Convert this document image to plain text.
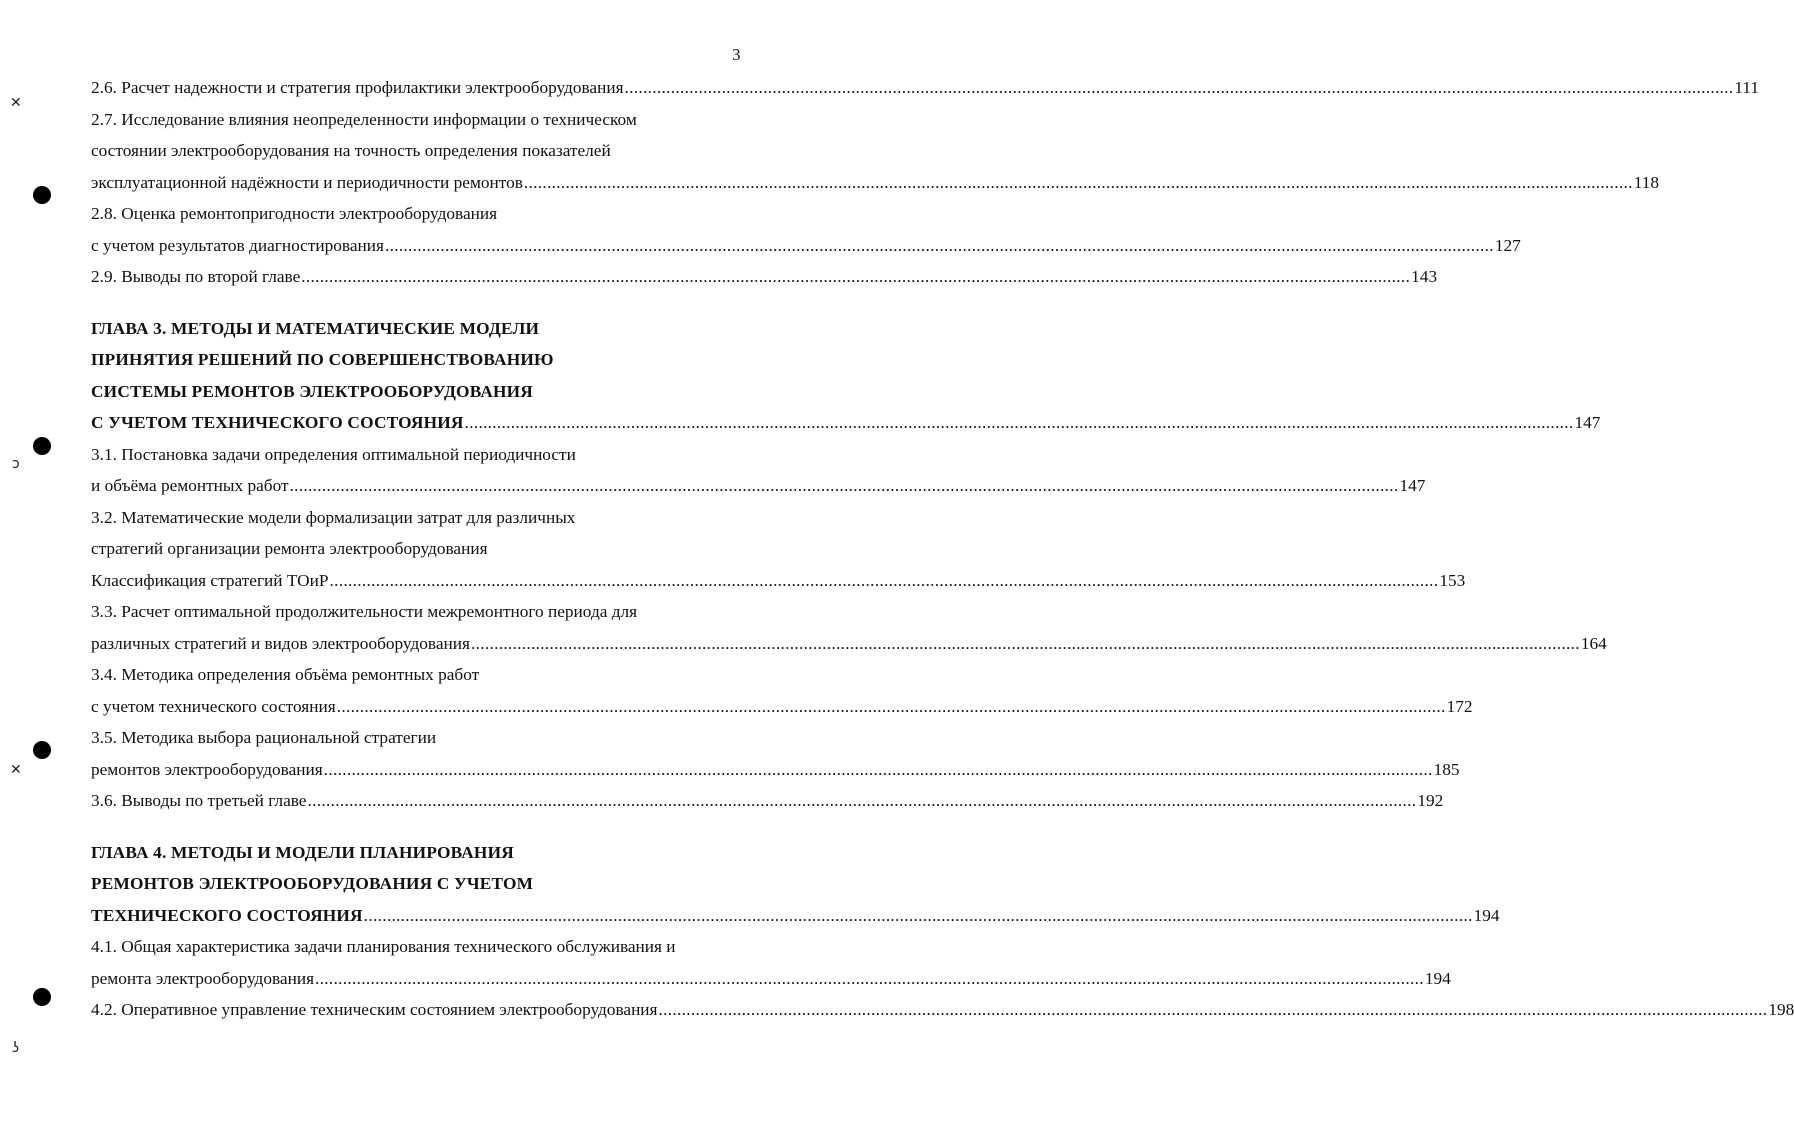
3
✕
ↄ
✕
ʖ
2.6. Расчет надежности и стратегия профилактики электрооборудования ................................................................................................................................................................................................................................................ 111
2.7. Исследование влияния неопределенности информации о техническом
состоянии электрооборудования на точность определения показателей
эксплуатационной надёжности и периодичности ремонтов ................................................................................................................................................................................................................................................ 118
2.8. Оценка ремонтопригодности электрооборудования
с учетом результатов диагностирования ................................................................................................................................................................................................................................................ 127
2.9. Выводы по второй главе ................................................................................................................................................................................................................................................ 143
ГЛАВА 3. МЕТОДЫ И МАТЕМАТИЧЕСКИЕ МОДЕЛИ
ПРИНЯТИЯ РЕШЕНИЙ ПО СОВЕРШЕНСТВОВАНИЮ
СИСТЕМЫ РЕМОНТОВ ЭЛЕКТРООБОРУДОВАНИЯ
С УЧЕТОМ ТЕХНИЧЕСКОГО СОСТОЯНИЯ ................................................................................................................................................................................................................................................ 147
3.1. Постановка задачи определения оптимальной периодичности
и объёма ремонтных работ ................................................................................................................................................................................................................................................ 147
3.2. Математические модели формализации затрат для различных
стратегий организации ремонта электрооборудования
Классификация стратегий ТОиР ................................................................................................................................................................................................................................................ 153
3.3. Расчет оптимальной продолжительности межремонтного периода для
различных стратегий и видов электрооборудования ................................................................................................................................................................................................................................................ 164
3.4. Методика определения объёма ремонтных работ
с учетом технического состояния ................................................................................................................................................................................................................................................ 172
3.5. Методика выбора рациональной стратегии
ремонтов электрооборудования ................................................................................................................................................................................................................................................ 185
3.6. Выводы по третьей главе ................................................................................................................................................................................................................................................ 192
ГЛАВА 4. МЕТОДЫ И МОДЕЛИ ПЛАНИРОВАНИЯ
РЕМОНТОВ ЭЛЕКТРООБОРУДОВАНИЯ С УЧЕТОМ
ТЕХНИЧЕСКОГО СОСТОЯНИЯ ................................................................................................................................................................................................................................................ 194
4.1. Общая характеристика задачи планирования технического обслуживания и
ремонта электрооборудования ................................................................................................................................................................................................................................................ 194
4.2. Оперативное управление техническим состоянием электрооборудования ................................................................................................................................................................................................................................................ 198
